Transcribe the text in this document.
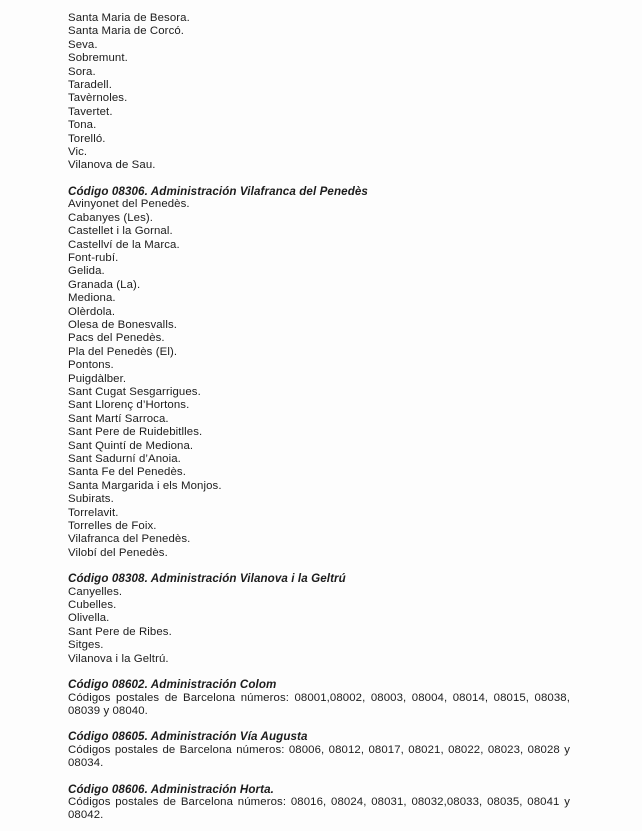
Santa Maria de Besora.
Santa Maria de Corcó.
Seva.
Sobremunt.
Sora.
Taradell.
Tavèrnoles.
Tavertet.
Tona.
Torelló.
Vic.
Vilanova de Sau.
Código 08306. Administración Vilafranca del Penedès
Avinyonet del Penedès.
Cabanyes (Les).
Castellet i la Gornal.
Castellví de la Marca.
Font-rubí.
Gelida.
Granada (La).
Mediona.
Olèrdola.
Olesa de Bonesvalls.
Pacs del Penedès.
Pla del Penedès (El).
Pontons.
Puigdàlber.
Sant Cugat Sesgarrigues.
Sant Llorenç d’Hortons.
Sant Martí Sarroca.
Sant Pere de Ruidebitlles.
Sant Quintí de Mediona.
Sant Sadurní d’Anoia.
Santa Fe del Penedès.
Santa Margarida i els Monjos.
Subirats.
Torrelavit.
Torrelles de Foix.
Vilafranca del Penedès.
Vilobí del Penedès.
Código 08308. Administración Vilanova i la Geltrú
Canyelles.
Cubelles.
Olivella.
Sant Pere de Ribes.
Sitges.
Vilanova i la Geltrú.
Código 08602. Administración Colom

Códigos postales de Barcelona números: 08001,08002, 08003, 08004, 08014, 08015, 08038, 08039 y 08040.

Código 08605. Administración Vía Augusta

Códigos postales de Barcelona números: 08006, 08012, 08017, 08021, 08022, 08023, 08028 y 08034.

Código 08606. Administración Horta.

Códigos postales de Barcelona números: 08016, 08024, 08031, 08032,08033, 08035, 08041 y 08042.
